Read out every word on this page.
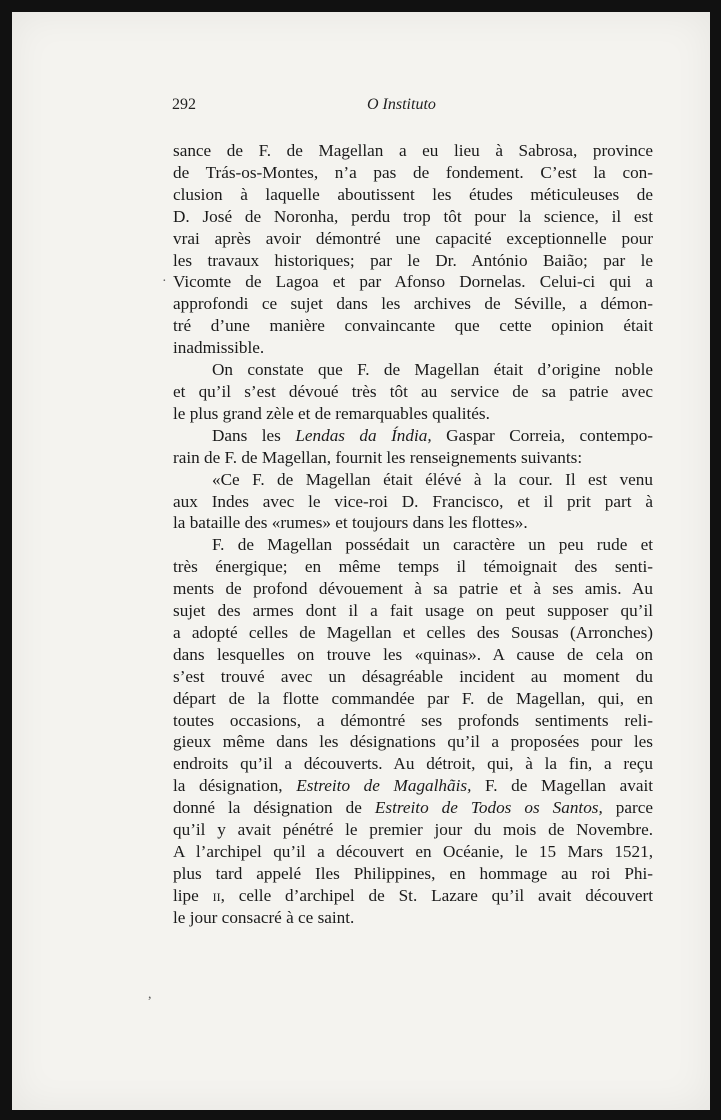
292	O Instituto

sance de F. de Magellan a eu lieu à Sabrosa, province

de Trás-os-Montes, n’a pas de fondement. C’est la con-

clusion à laquelle aboutissent les études méticuleuses de

D. José de Noronha, perdu trop tôt pour la science, il est

vrai après avoir démontré une capacité exceptionnelle pour

les travaux historiques; par le Dr. António Baião; par le

Vicomte de Lagoa et par Afonso Dornelas. Celui-ci qui a

approfondi ce sujet dans les archives de Séville, a démon-

tré d’une manière convaincante que cette opinion était

inadmissible.

On constate que F. de Magellan était d’origine noble

et qu’il s’est dévoué très tôt au service de sa patrie avec

le plus grand zèle et de remarquables qualités.

Dans les Lendas da Índia, Gaspar Correia, contempo-

rain de F. de Magellan, fournit les renseignements suivants:

«Ce F. de Magellan était élévé à la cour. Il est venu

aux Indes avec le vice-roi D. Francisco, et il prit part à

la bataille des «rumes» et toujours dans les flottes».

F. de Magellan possédait un caractère un peu rude et

très énergique; en même temps il témoignait des senti-

ments de profond dévouement à sa patrie et à ses amis. Au

sujet des armes dont il a fait usage on peut supposer qu’il

a adopté celles de Magellan et celles des Sousas (Arronches)

dans lesquelles on trouve les «quinas». A cause de cela on

s’est trouvé avec un désagréable incident au moment du

départ de la flotte commandée par F. de Magellan, qui, en

toutes occasions, a démontré ses profonds sentiments reli-

gieux même dans les désignations qu’il a proposées pour les

endroits qu’il a découverts. Au détroit, qui, à la fin, a reçu

la désignation, Estreito de Magalhãis, F. de Magellan avait

donné la désignation de Estreito de Todos os Santos, parce

qu’il y avait pénétré le premier jour du mois de Novembre.

A l’archipel qu’il a découvert en Océanie, le 15 Mars 1521,

plus tard appelé Iles Philippines, en hommage au roi Phi-

lipe ii, celle d’archipel de St. Lazare qu’il avait découvert

le jour consacré à ce saint.

·
,
